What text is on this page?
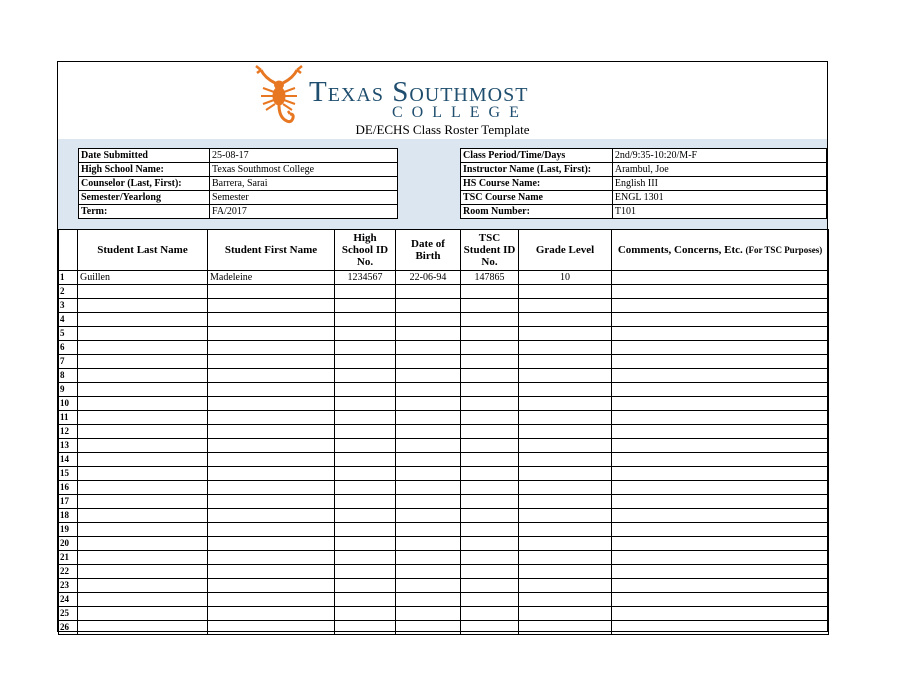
Texas Southmost
COLLEGE
DE/ECHS Class Roster Template
Date Submitted	25-08-17
High School Name:	Texas Southmost College
Counselor (Last, First):	Barrera, Sarai
Semester/Yearlong	Semester
Term:	FA/2017
Class Period/Time/Days	2nd/9:35-10:20/M-F
Instructor Name (Last, First):	Arambul, Joe
HS Course Name:	English III
TSC Course Name	ENGL 1301
Room Number:	T101
	Student Last Name	Student First Name	High School ID No.	Date of Birth	TSC Student ID No.	Grade Level	Comments, Concerns, Etc. (For TSC Purposes)
1	Guillen	Madeleine	1234567	22-06-94	147865	10	
2							
3							
4							
5							
6							
7							
8							
9							
10							
11							
12							
13							
14							
15							
16							
17							
18							
19							
20							
21							
22							
23							
24							
25							
26							
